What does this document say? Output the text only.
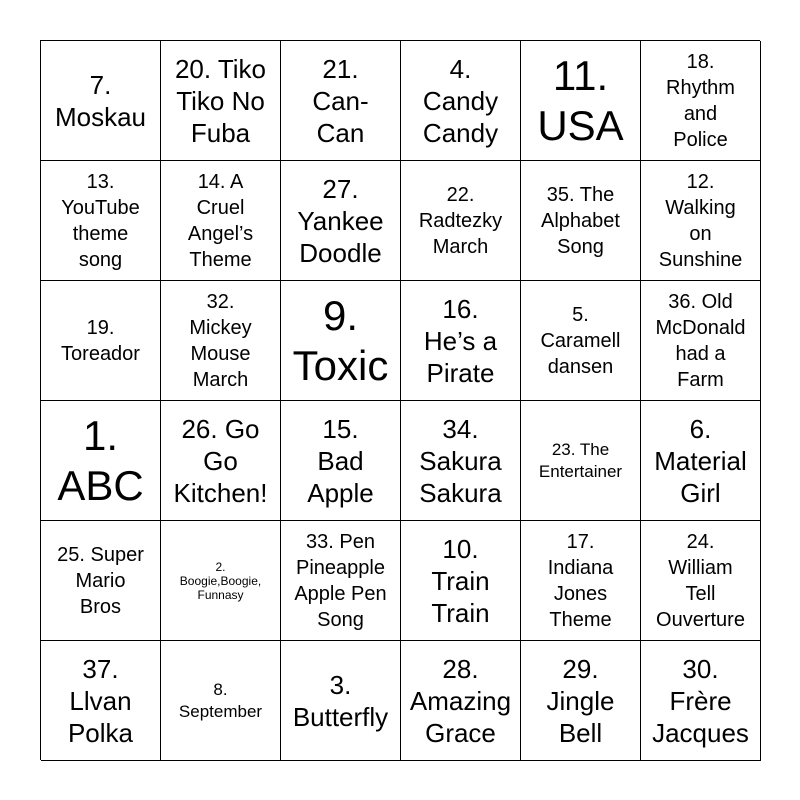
7.
Moskau
20. Tiko
Tiko No
Fuba
21.
Can-
Can
4.
Candy
Candy
11.
USA
18.
Rhythm
and
Police
13.
YouTube
theme
song
14. A
Cruel
Angel’s
Theme
27.
Yankee
Doodle
22.
Radtezky
March
35. The
Alphabet
Song
12.
Walking
on
Sunshine
19.
Toreador
32.
Mickey
Mouse
March
9.
Toxic
16.
He’s a
Pirate
5.
Caramell
dansen
36. Old
McDonald
had a
Farm
1.
ABC
26. Go
Go
Kitchen!
15.
Bad
Apple
34.
Sakura
Sakura
23. The
Entertainer
6.
Material
Girl
25. Super
Mario
Bros
2.
Boogie,Boogie,
Funnasy
33. Pen
Pineapple
Apple Pen
Song
10.
Train
Train
17.
Indiana
Jones
Theme
24.
William
Tell
Ouverture
37.
Llvan
Polka
8.
September
3.
Butterfly
28.
Amazing
Grace
29.
Jingle
Bell
30.
Frère
Jacques
